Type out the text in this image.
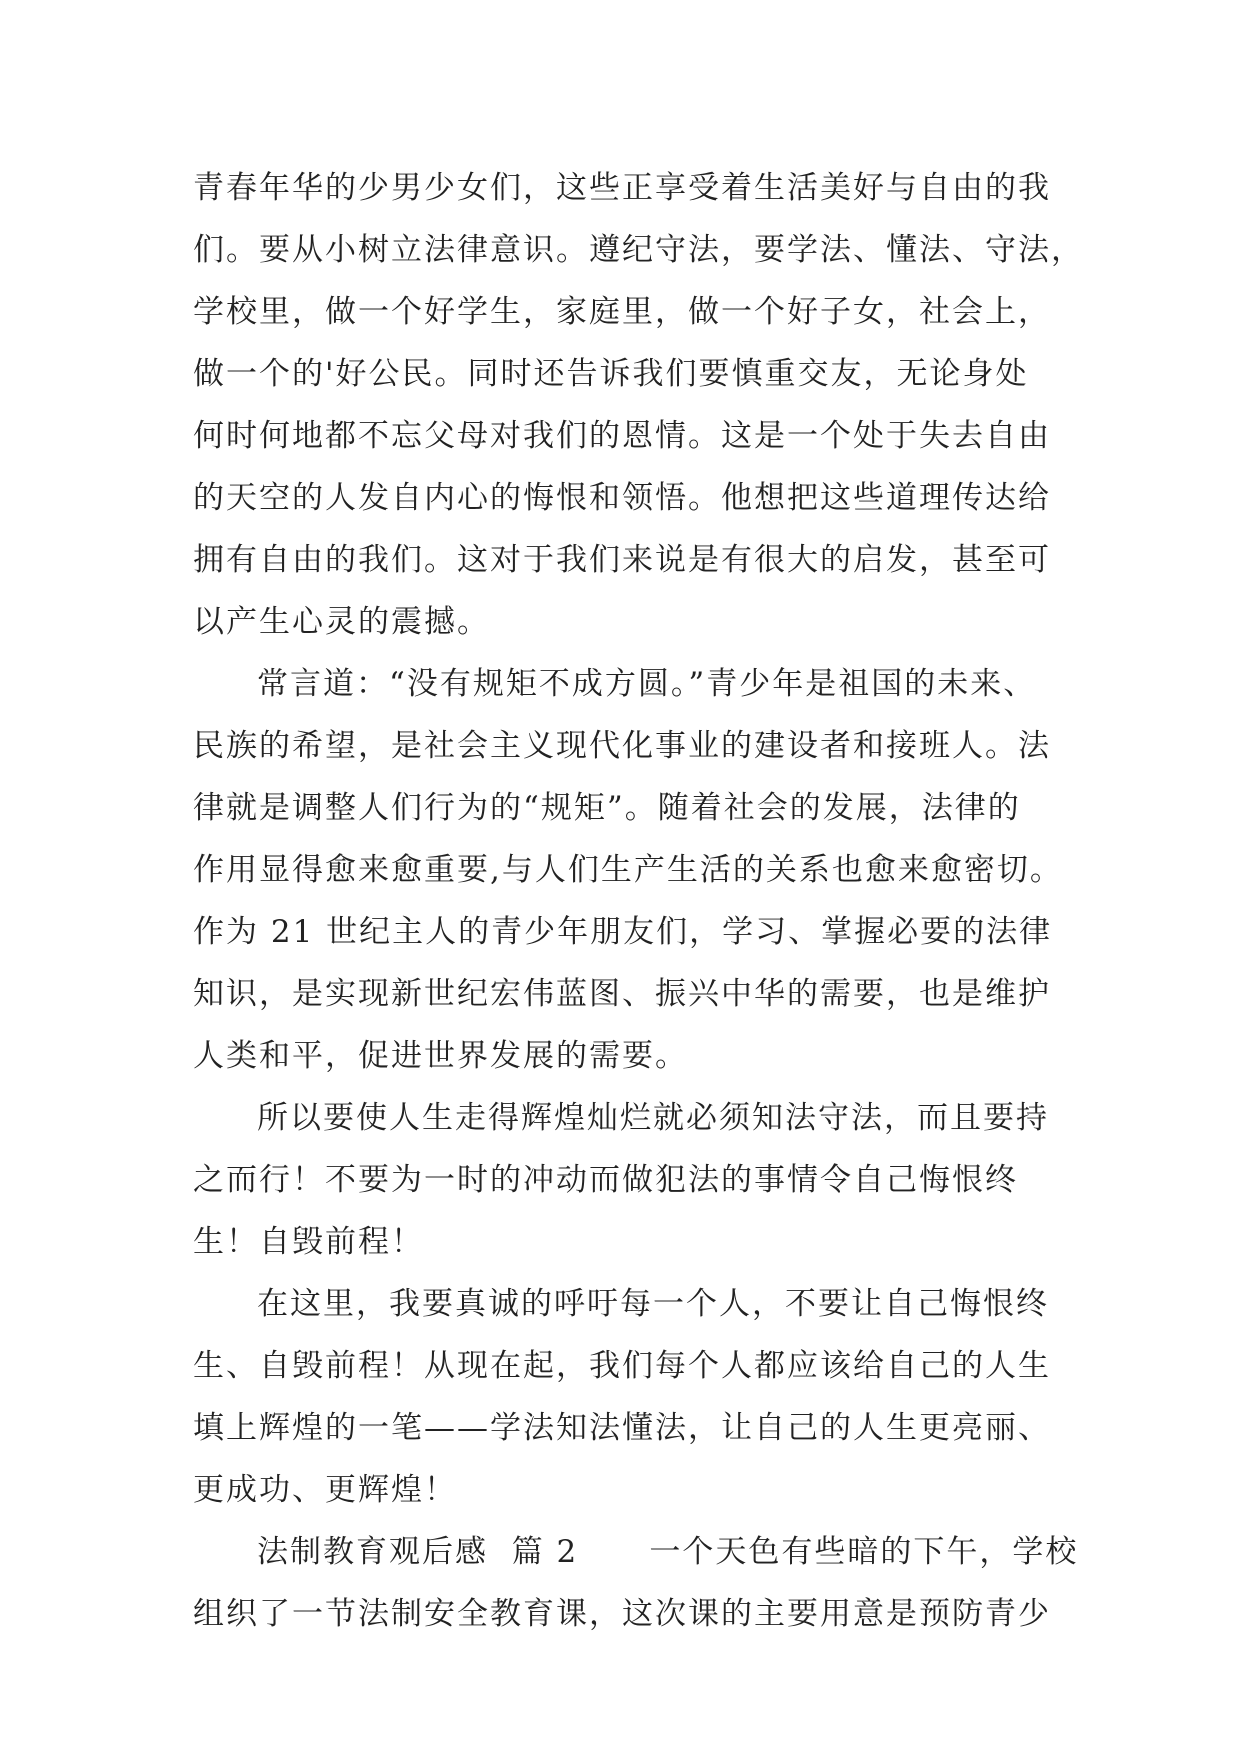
青春年华的少男少女们，这些正享受着生活美好与自由的我
们。要从小树立法律意识。遵纪守法，要学法、懂法、守法，
学校里，做一个好学生，家庭里，做一个好子女，社会上，
做一个的'好公民。同时还告诉我们要慎重交友，无论身处
何时何地都不忘父母对我们的恩情。这是一个处于失去自由
的天空的人发自内心的悔恨和领悟。他想把这些道理传达给
拥有自由的我们。这对于我们来说是有很大的启发，甚至可
以产生心灵的震撼。
常言道：“没有规矩不成方圆。”青少年是祖国的未来、
民族的希望，是社会主义现代化事业的建设者和接班人。法
律就是调整人们行为的“规矩”。随着社会的发展，法律的
作用显得愈来愈重要,与人们生产生活的关系也愈来愈密切。
作为 21 世纪主人的青少年朋友们，学习、掌握必要的法律
知识，是实现新世纪宏伟蓝图、振兴中华的需要，也是维护
人类和平，促进世界发展的需要。
所以要使人生走得辉煌灿烂就必须知法守法，而且要持
之而行！不要为一时的冲动而做犯法的事情令自己悔恨终
生！自毁前程！
在这里，我要真诚的呼吁每一个人，不要让自己悔恨终
生、自毁前程！从现在起，我们每个人都应该给自己的人生
填上辉煌的一笔——学法知法懂法，让自己的人生更亮丽、
更成功、更辉煌！
法制教育观后感  篇 2      一个天色有些暗的下午，学校
组织了一节法制安全教育课，这次课的主要用意是预防青少
